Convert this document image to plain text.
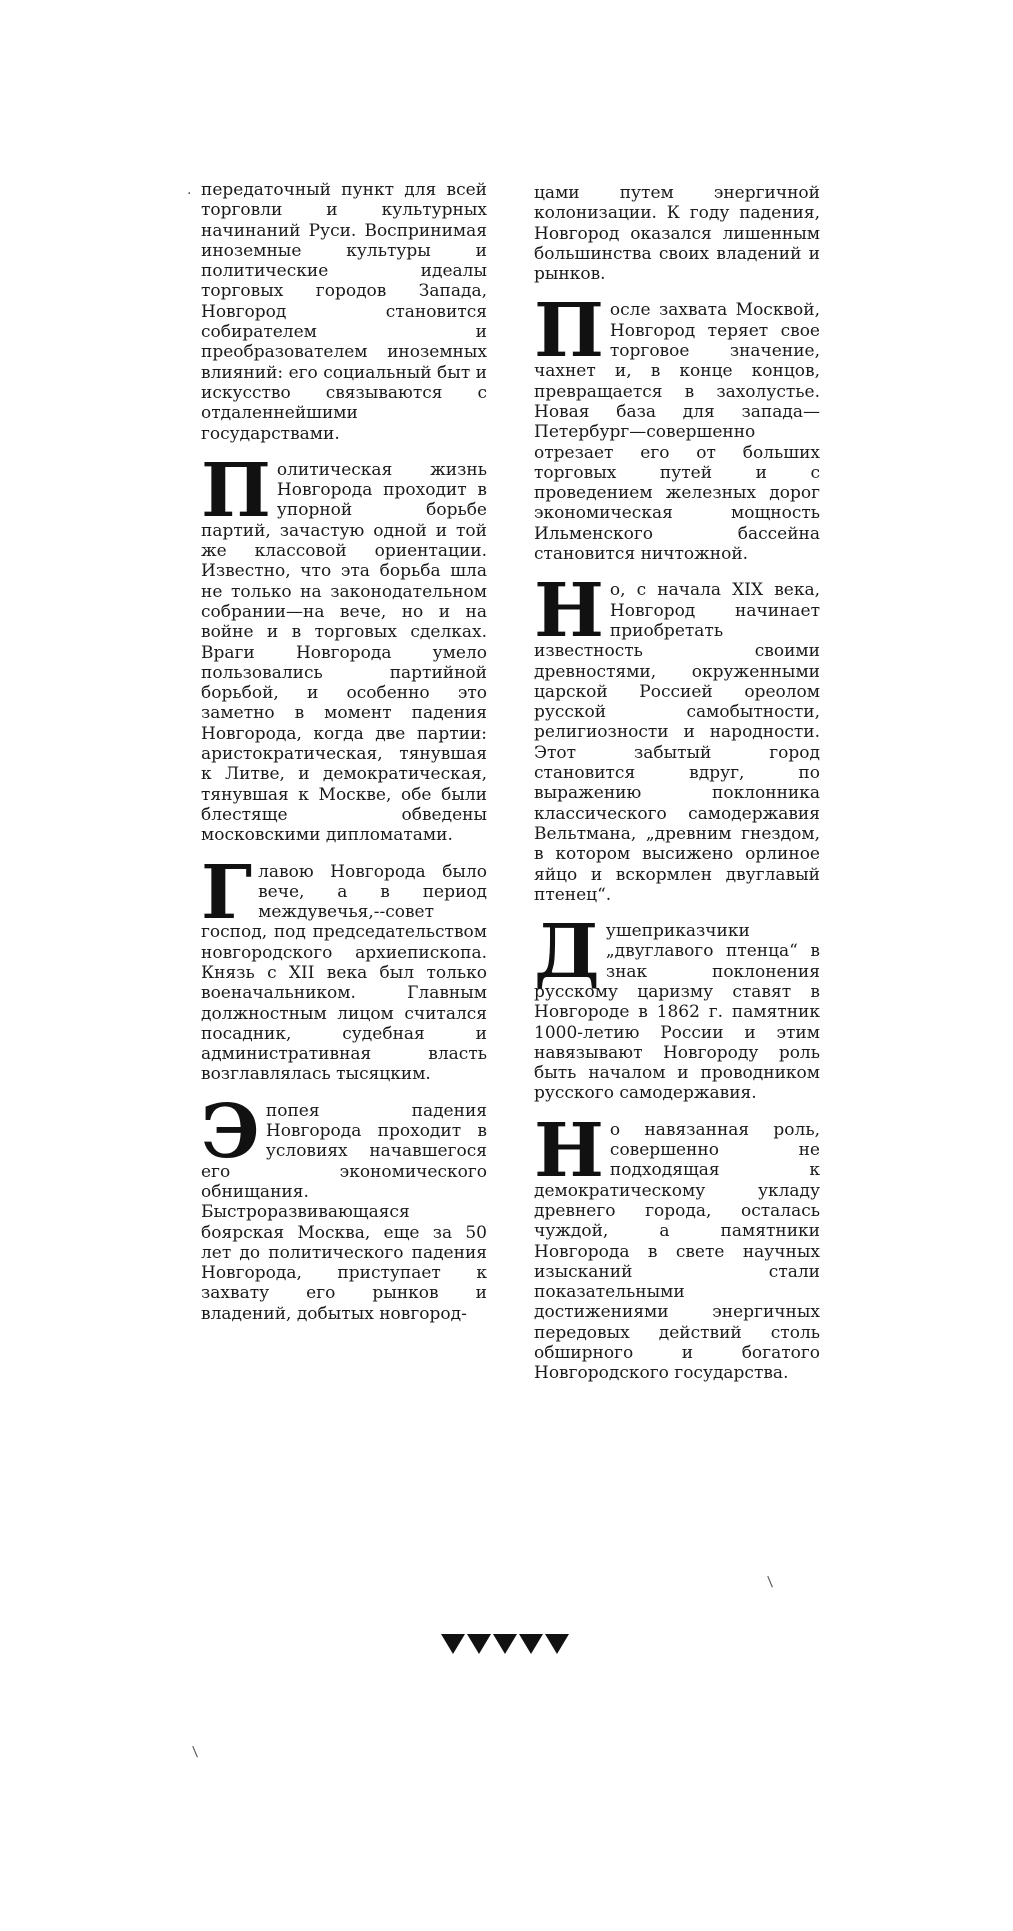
передаточный пункт для всей торговли и культурных начинаний Руси. Воспринимая иноземные культуры и политические идеалы торговых городов Запада, Новгород становится собирателем и преобразователем иноземных влияний: его социальный быт и искусство связываются с отдаленнейшими государствами.
Политическая жизнь Новгорода проходит в упорной борьбе партий, зачастую одной и той же классовой ориентации. Известно, что эта борьба шла не только на законодательном собрании—на вече, но и на войне и в торговых сделках. Враги Новгорода умело пользовались партийной борьбой, и особенно это заметно в момент падения Новгорода, когда две партии: аристократическая, тянувшая к Литве, и демократическая, тянувшая к Москве, обе были блестяще обведены московскими дипломатами.
Главою Новгорода было вече, а в период междувечья,--совет господ, под председательством новгородского архиепископа. Князь с XII века был только военачальником. Главным должностным лицом считался посадник, судебная и административная власть возглавлялась тысяцким.
Эпопея падения Новгорода проходит в условиях начавшегося его экономического обнищания. Быстроразвивающаяся боярская Москва, еще за 50 лет до политического падения Новгорода, приступает к захвату его рынков и владений, добытых новгород-
цами путем энергичной колонизации. К году падения, Новгород оказался лишенным большинства своих владений и рынков.
После захвата Москвой, Новгород теряет свое торговое значение, чахнет и, в конце концов, превращается в захолустье. Новая база для запада—Петербург—совершенно отрезает его от больших торговых путей и с проведением железных дорог экономическая мощность Ильменского бассейна становится ничтожной.
Но, с начала XIX века, Новгород начинает приобретать известность своими древностями, окруженными царской Россией ореолом русской самобытности, религиозности и народности. Этот забытый город становится вдруг, по выражению поклонника классического самодержавия Вельтмана, „древним гнездом, в котором высижено орлиное яйцо и вскормлен двуглавый птенец“.
Душеприказчики „двуглавого птенца“ в знак поклонения русскому царизму ставят в Новгороде в 1862 г. памятник 1000-летию России и этим навязывают Новгороду роль быть началом и проводником русского самодержавия.
Но навязанная роль, совершенно не подходящая к демократическому укладу древнего города, осталась чуждой, а памятники Новгорода в свете научных изысканий стали показательными достижениями энергичных передовых действий столь обширного и богатого Новгородского государства.
·
/
/
